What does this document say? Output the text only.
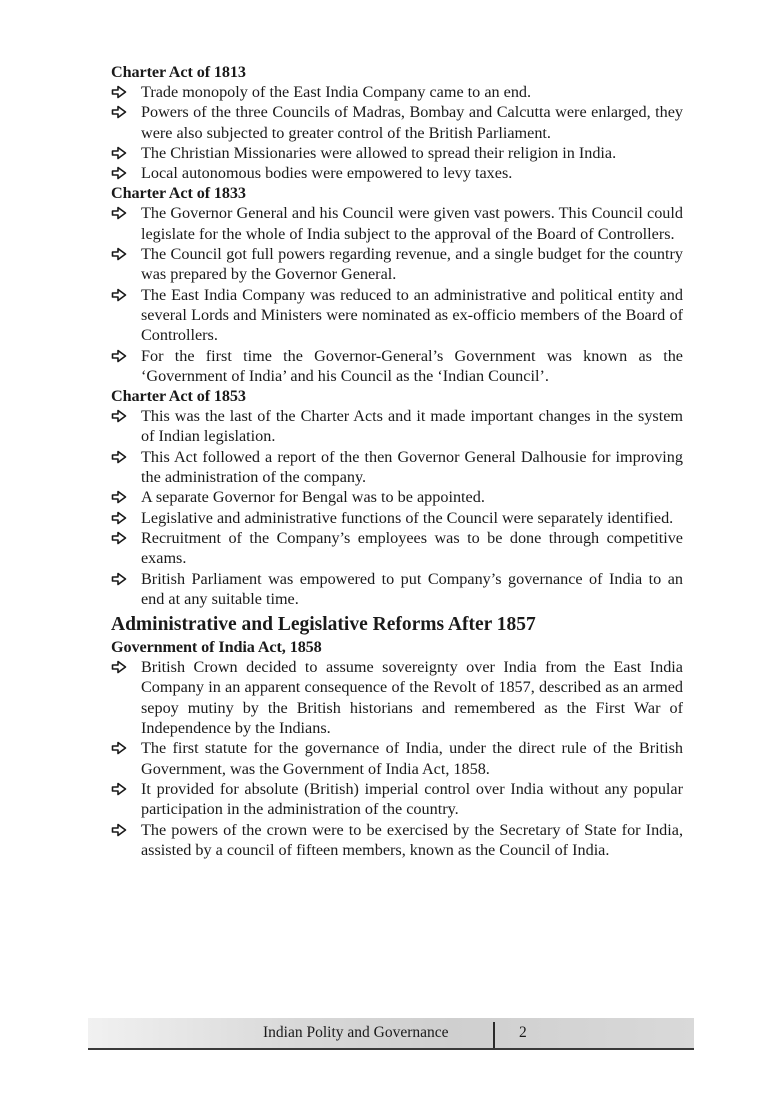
Charter Act of 1813
Trade monopoly of the East India Company came to an end.
Powers of the three Councils of Madras, Bombay and Calcutta were enlarged, they were also subjected to greater control of the British Parliament.
The Christian Missionaries were allowed to spread their religion in India.
Local autonomous bodies were empowered to levy taxes.
Charter Act of 1833
The Governor General and his Council were given vast powers. This Council could legislate for the whole of India subject to the approval of the Board of Controllers.
The Council got full powers regarding revenue, and a single budget for the country was prepared by the Governor General.
The East India Company was reduced to an administrative and political entity and several Lords and Ministers were nominated as ex-officio members of the Board of Controllers.
For the first time the Governor-General’s Government was known as the ‘Government of India’ and his Council as the ‘Indian Council’.
Charter Act of 1853
This was the last of the Charter Acts and it made important changes in the system of Indian legislation.
This Act followed a report of the then Governor General Dalhousie for improving the administration of the company.
A separate Governor for Bengal was to be appointed.
Legislative and administrative functions of the Council were separately identified.
Recruitment of the Company’s employees was to be done through competitive exams.
British Parliament was empowered to put Company’s governance of India to an end at any suitable time.
Administrative and Legislative Reforms After 1857
Government of India Act, 1858
British Crown decided to assume sovereignty over India from the East India Company in an apparent consequence of the Revolt of 1857, described as an armed sepoy mutiny by the British historians and remembered as the First War of Independence by the Indians.
The first statute for the governance of India, under the direct rule of the British Government, was the Government of India Act, 1858.
It provided for absolute (British) imperial control over India without any popular participation in the administration of the country.
The powers of the crown were to be exercised by the Secretary of State for India, assisted by a council of fifteen members, known as the Council of India.
Indian Polity and Governance	2
